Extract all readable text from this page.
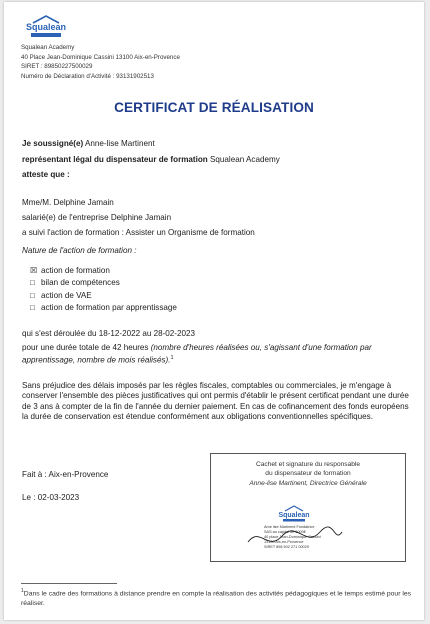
Squalean
Squalean Academy
40 Place Jean-Dominique Cassini 13100 Aix-en-Provence
SIRET : 89850227500029
Numéro de Déclaration d'Activité : 93131902513
CERTIFICAT DE RÉALISATION
Je soussigné(e) Anne-lise Martinent
représentant légal du dispensateur de formation Squalean Academy
atteste que :
Mme/M. Delphine Jamain
salarié(e) de l'entreprise Delphine Jamain
a suivi l'action de formation : Assister un Organisme de formation
Nature de l'action de formation :
☒ action de formation
□ bilan de compétences
□ action de VAE
□ action de formation par apprentissage
qui s'est déroulée du 18-12-2022 au 28-02-2023
pour une durée totale de 42 heures (nombre d'heures réalisées ou, s'agissant d'une formation par apprentissage, nombre de mois réalisés).$^1$
Sans préjudice des délais imposés par les règles fiscales, comptables ou commerciales, je m'engage à conserver l'ensemble des pièces justificatives qui ont permis d'établir le présent certificat pendant une durée de 3 ans à compter de la fin de l'année du dernier paiement. En cas de cofinancement des fonds européens la durée de conservation est étendue conformément aux obligations conventionnelles spécifiques.
Fait à : Aix-en-Provence
Le : 02-03-2023
Cachet et signature du responsable
du dispensateur de formation
Anne-lise Martinent, Directrice Générale
Squalean
Ame lise Martinent Fondatrice
SAS au capital de 1000€
40 place Jean-Dominique Cassini
13100 Aix-en-Provence
SIRET 898 502 271 00029
$^1$Dans le cadre des formations à distance prendre en compte la réalisation des activités pédagogiques et le temps estimé pour les réaliser.
